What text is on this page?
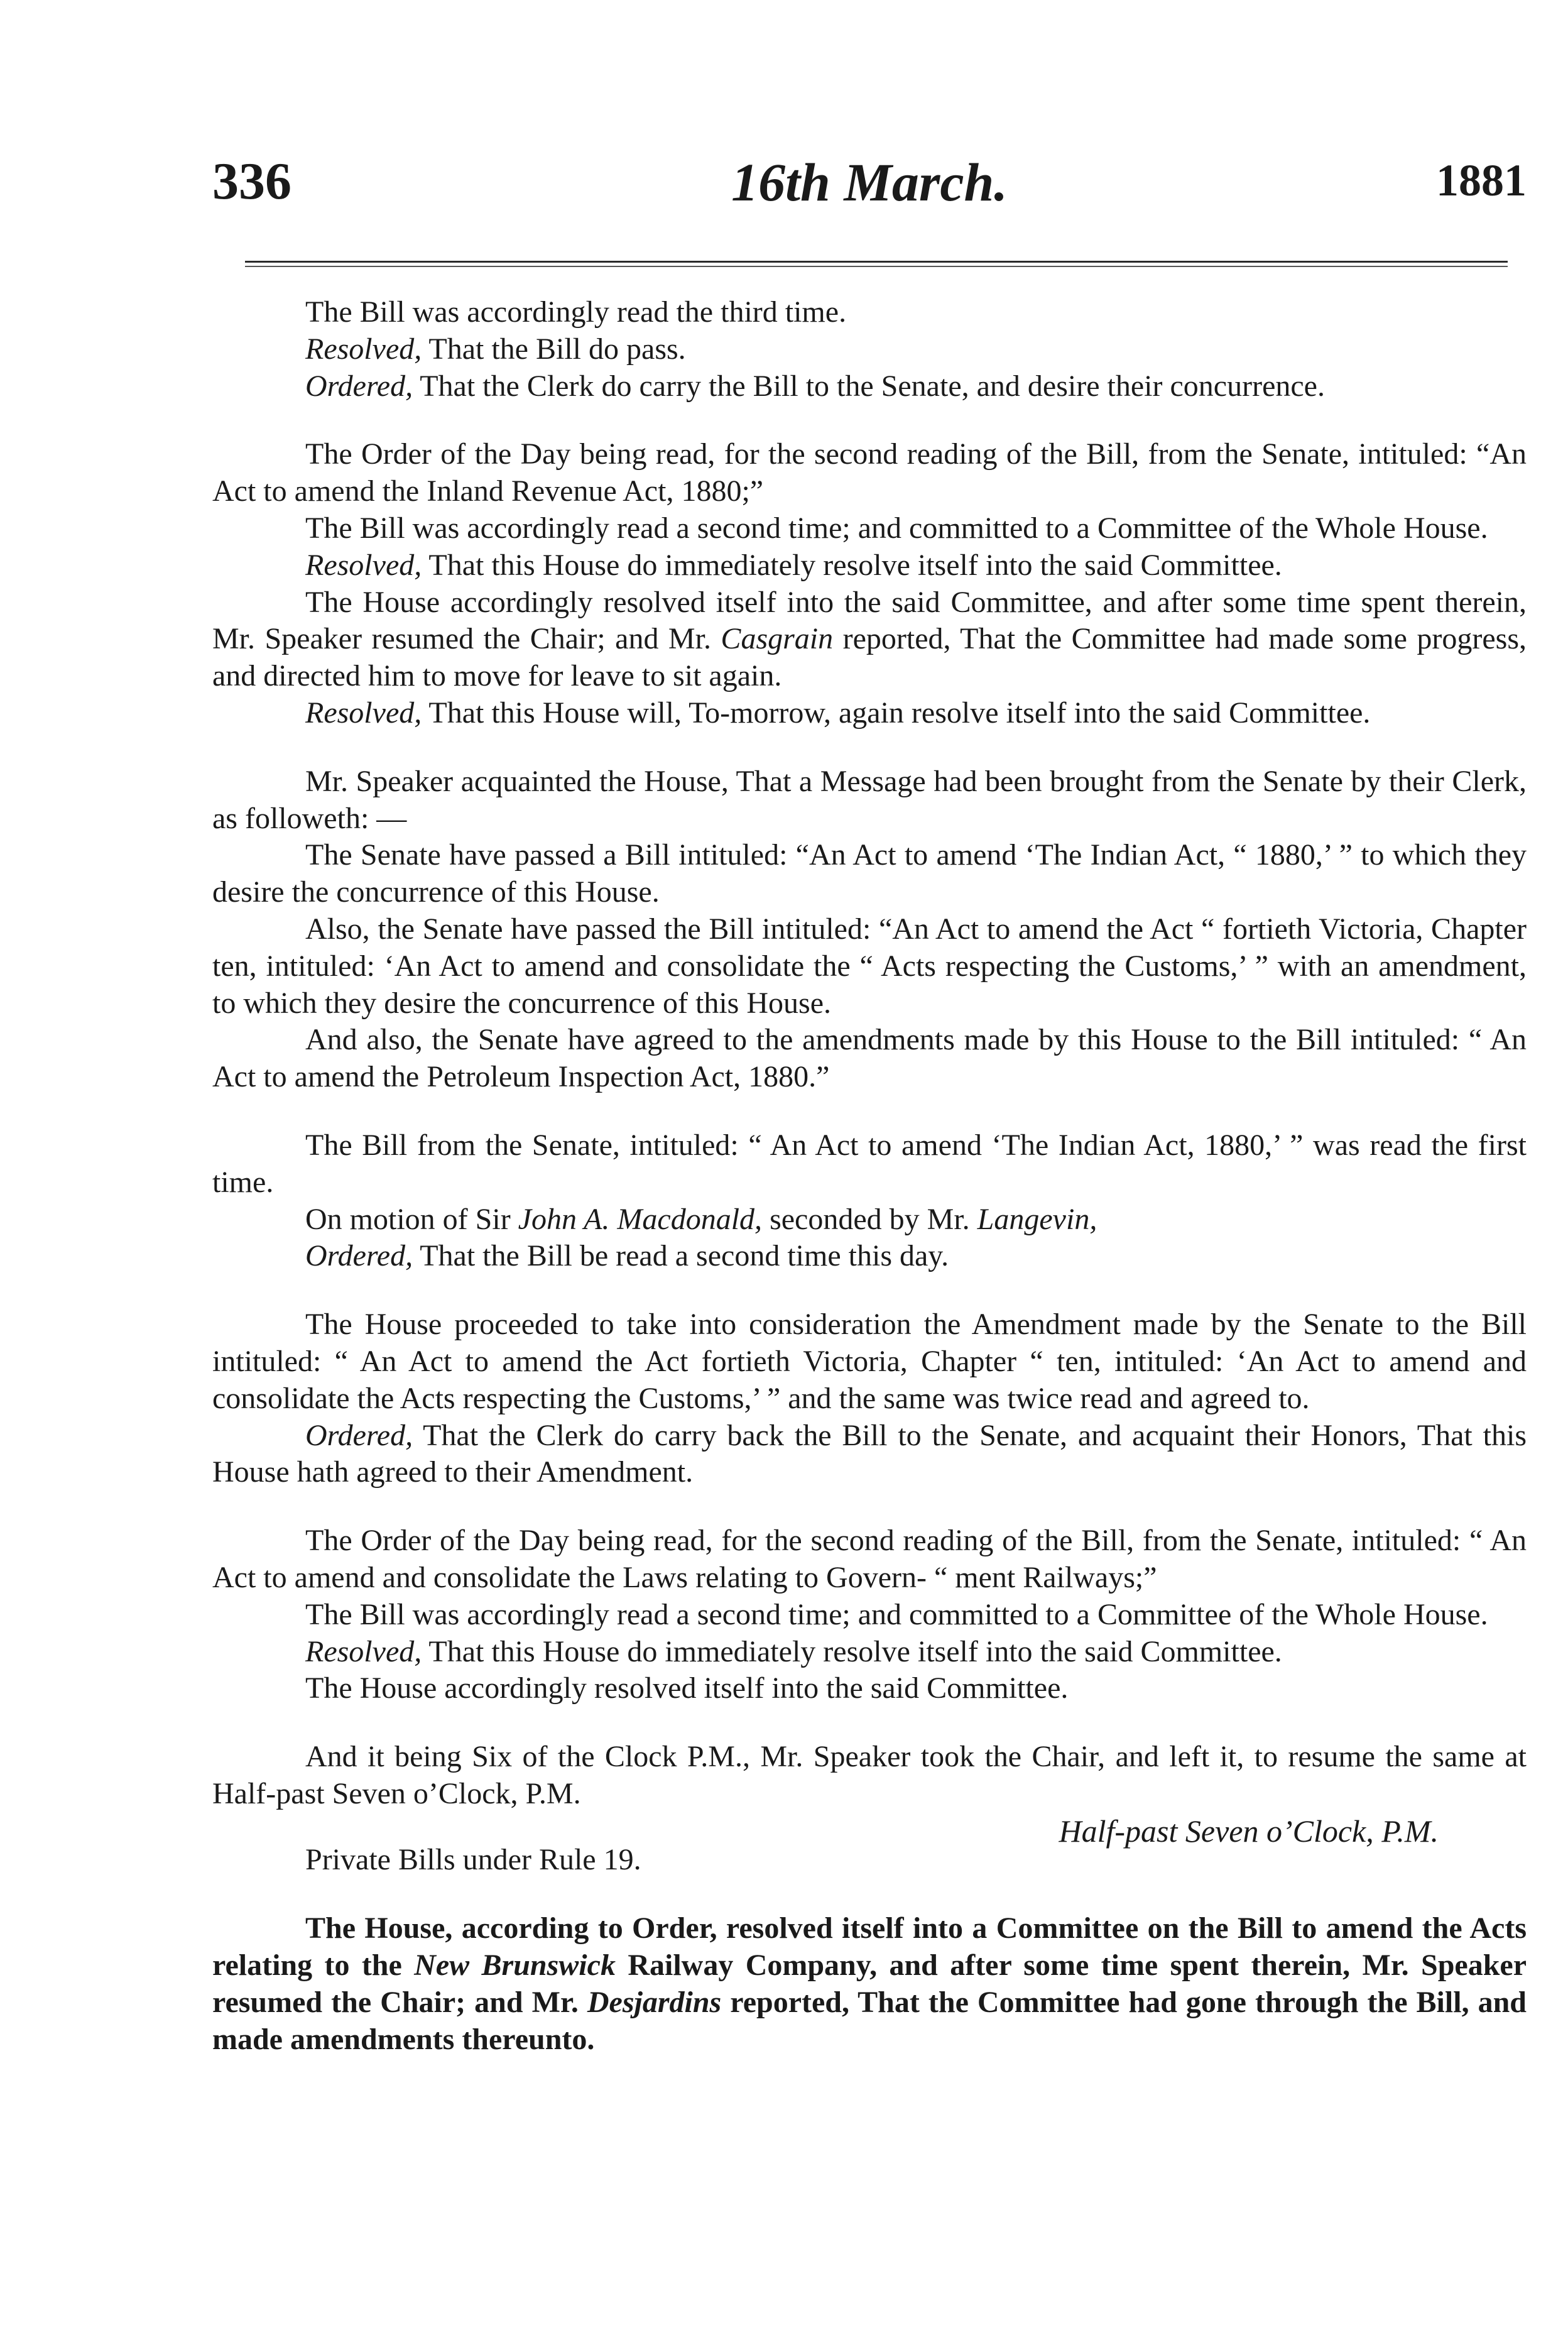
336	16th March.	1881

The Bill was accordingly read the third time.

Resolved, That the Bill do pass.

Ordered, That the Clerk do carry the Bill to the Senate, and desire their concurrence.

The Order of the Day being read, for the second reading of the Bill, from the Senate, intituled: “An Act to amend the Inland Revenue Act, 1880;”

The Bill was accordingly read a second time; and committed to a Committee of the Whole House.

Resolved, That this House do immediately resolve itself into the said Committee.

The House accordingly resolved itself into the said Committee, and after some time spent therein, Mr. Speaker resumed the Chair; and Mr. Casgrain reported, That the Committee had made some progress, and directed him to move for leave to sit again.

Resolved, That this House will, To-morrow, again resolve itself into the said Committee.

Mr. Speaker acquainted the House, That a Message had been brought from the Senate by their Clerk, as followeth: —

The Senate have passed a Bill intituled: “An Act to amend ‘The Indian Act, “ 1880,’ ” to which they desire the concurrence of this House.

Also, the Senate have passed the Bill intituled: “An Act to amend the Act “ fortieth Victoria, Chapter ten, intituled: ‘An Act to amend and consolidate the “ Acts respecting the Customs,’ ” with an amendment, to which they desire the concurrence of this House.

And also, the Senate have agreed to the amendments made by this House to the Bill intituled: “ An Act to amend the Petroleum Inspection Act, 1880.”

The Bill from the Senate, intituled: “ An Act to amend ‘The Indian Act, 1880,’ ” was read the first time.

On motion of Sir John A. Macdonald, seconded by Mr. Langevin,

Ordered, That the Bill be read a second time this day.

The House proceeded to take into consideration the Amendment made by the Senate to the Bill intituled: “ An Act to amend the Act fortieth Victoria, Chapter “ ten, intituled: ‘An Act to amend and consolidate the Acts respecting the Customs,’ ” and the same was twice read and agreed to.

Ordered, That the Clerk do carry back the Bill to the Senate, and acquaint their Honors, That this House hath agreed to their Amendment.

The Order of the Day being read, for the second reading of the Bill, from the Senate, intituled: “ An Act to amend and consolidate the Laws relating to Govern- “ ment Railways;”

The Bill was accordingly read a second time; and committed to a Committee of the Whole House.

Resolved, That this House do immediately resolve itself into the said Committee.

The House accordingly resolved itself into the said Committee.

And it being Six of the Clock P.M., Mr. Speaker took the Chair, and left it, to resume the same at Half-past Seven o’Clock, P.M.

Half-past Seven o’Clock, P.M.

Private Bills under Rule 19.

The House, according to Order, resolved itself into a Committee on the Bill to amend the Acts relating to the New Brunswick Railway Company, and after some time spent therein, Mr. Speaker resumed the Chair; and Mr. Desjardins reported, That the Committee had gone through the Bill, and made amendments thereunto.
